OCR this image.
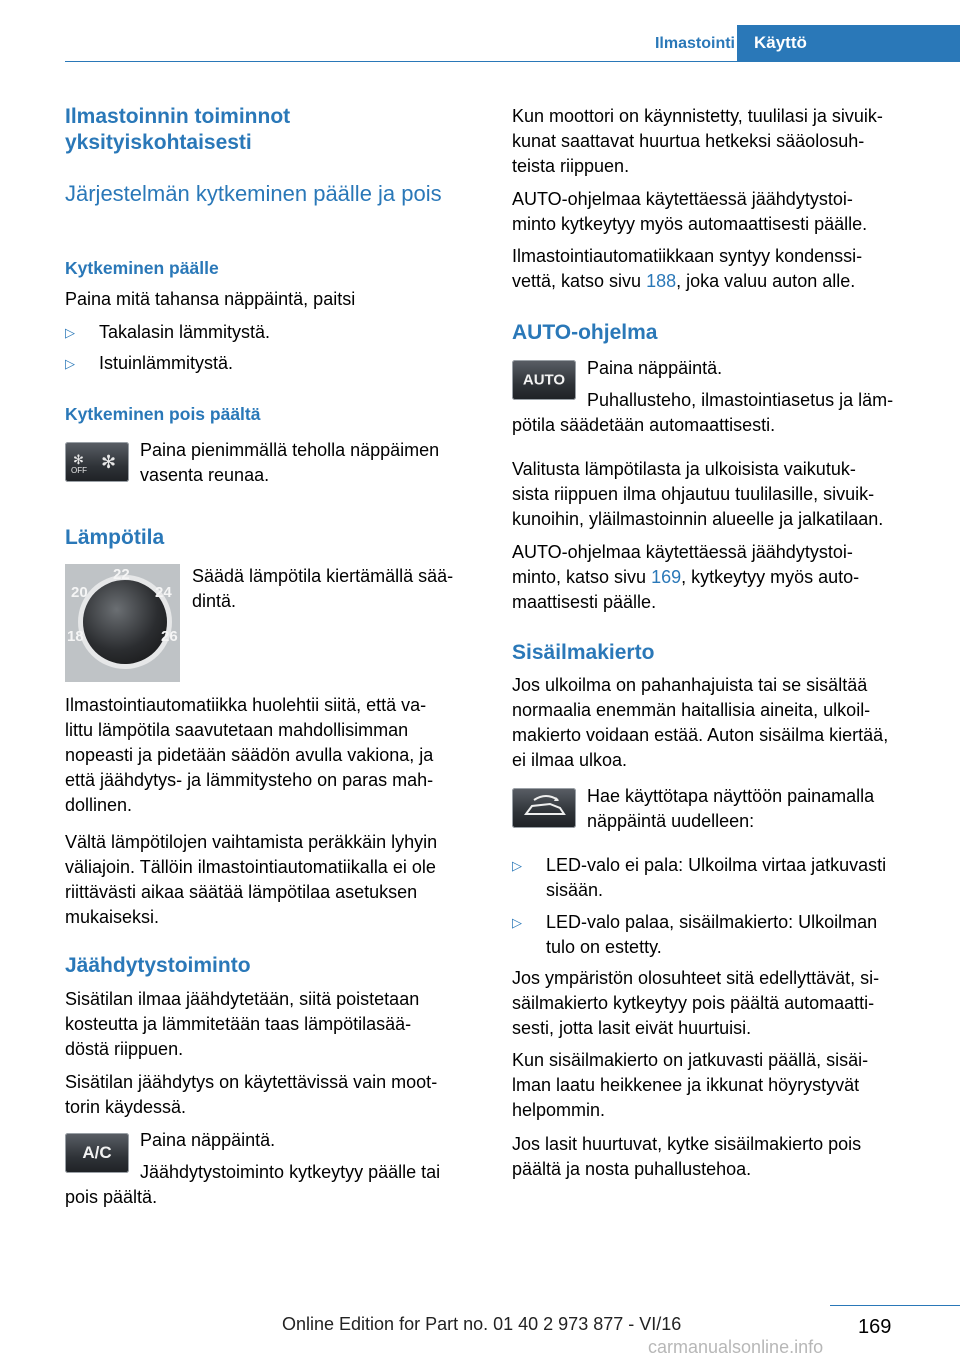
Ilmastointi	Käyttö
Ilmastoinnin toiminnot yksityiskohtaisesti
Järjestelmän kytkeminen päälle ja pois
Kytkeminen päälle
Paina mitä tahansa näppäintä, paitsi
▷ Takalasin lämmitystä.
▷ Istuinlämmitystä.
Kytkeminen pois päältä
✻
OFF ✻
Paina pienimmällä teholla näppäimen
vasenta reunaa.
Lämpötila
22
20	24
18	26
Säädä lämpötila kiertämällä sää-
dintä.
Ilmastointiautomatiikka huolehtii siitä, että va-
littu lämpötila saavutetaan mahdollisimman
nopeasti ja pidetään säädön avulla vakiona, ja
että jäähdytys- ja lämmitysteho on paras mah-
dollinen.
Vältä lämpötilojen vaihtamista peräkkäin lyhyin
väliajoin. Tällöin ilmastointiautomatiikalla ei ole
riittävästi aikaa säätää lämpötilaa asetuksen
mukaiseksi.
Jäähdytystoiminto
Sisätilan ilmaa jäähdytetään, siitä poistetaan
kosteutta ja lämmitetään taas lämpötilasää-
döstä riippuen.
Sisätilan jäähdytys on käytettävissä vain moot-
torin käydessä.
A/C
Paina näppäintä.
Jäähdytystoiminto kytkeytyy päälle tai
pois päältä.
Kun moottori on käynnistetty, tuulilasi ja sivuik-
kunat saattavat huurtua hetkeksi sääolosuh-
teista riippuen.
AUTO-ohjelmaa käytettäessä jäähdytystoi-
minto kytkeytyy myös automaattisesti päälle.
Ilmastointiautomatiikkaan syntyy kondenssi-
vettä, katso sivu 188, joka valuu auton alle.
AUTO-ohjelma
AUTO
Paina näppäintä.
Puhallusteho, ilmastointiasetus ja läm-
pötila säädetään automaattisesti.
Valitusta lämpötilasta ja ulkoisista vaikutuk-
sista riippuen ilma ohjautuu tuulilasille, sivuik-
kunoihin, yläilmastoinnin alueelle ja jalkatilaan.
AUTO-ohjelmaa käytettäessä jäähdytystoi-
minto, katso sivu 169, kytkeytyy myös auto-
maattisesti päälle.
Sisäilmakierto
Jos ulkoilma on pahanhajuista tai se sisältää
normaalia enemmän haitallisia aineita, ulkoil-
makierto voidaan estää. Auton sisäilma kiertää,
ei ilmaa ulkoa.
Hae käyttötapa näyttöön painamalla
näppäintä uudelleen:
▷ LED-valo ei pala: Ulkoilma virtaa jatkuvasti
sisään.
▷ LED-valo palaa, sisäilmakierto: Ulkoilman
tulo on estetty.
Jos ympäristön olosuhteet sitä edellyttävät, si-
säilmakierto kytkeytyy pois päältä automaatti-
sesti, jotta lasit eivät huurtuisi.
Kun sisäilmakierto on jatkuvasti päällä, sisäi-
lman laatu heikkenee ja ikkunat höyrystyvät
helpommin.
Jos lasit huurtuvat, kytke sisäilmakierto pois
päältä ja nosta puhallustehoa.
169
Online Edition for Part no. 01 40 2 973 877 - VI/16
carmanualsonline.info
